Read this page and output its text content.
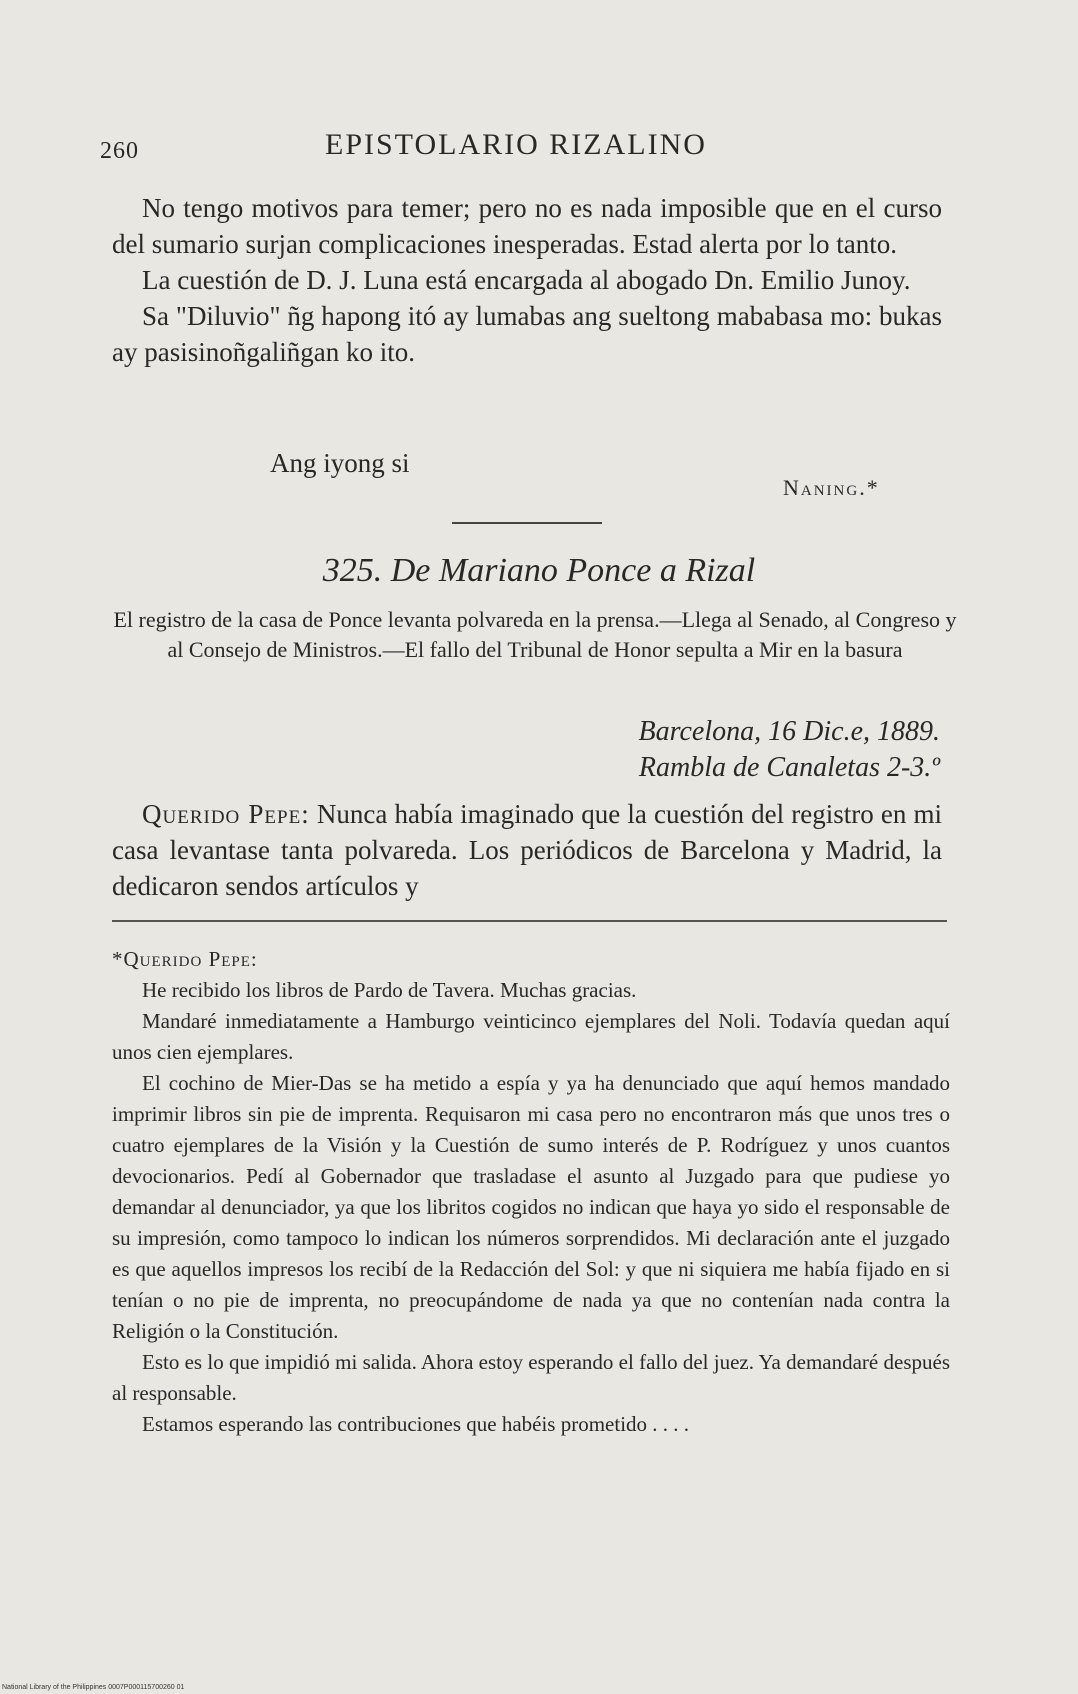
260	EPISTOLARIO RIZALINO

No tengo motivos para temer; pero no es nada imposible que en el curso del sumario surjan complicaciones inesperadas. Estad alerta por lo tanto.

La cuestión de D. J. Luna está encargada al abogado Dn. Emilio Junoy.

Sa "Diluvio" ñg hapong itó ay lumabas ang sueltong mababasa mo: bukas ay pasisinoñgaliñgan ko ito.

Ang iyong si
Naning.*
325. De Mariano Ponce a Rizal
El registro de la casa de Ponce levanta polvareda en la prensa.—Llega al Senado, al Congreso y al Consejo de Ministros.—El fallo del Tribunal de Honor sepulta a Mir en la basura
Barcelona, 16 Dic.e, 1889.
Rambla de Canaletas 2-3.º

Querido Pepe: Nunca había imaginado que la cuestión del registro en mi casa levantase tanta polvareda. Los periódicos de Barcelona y Madrid, la dedicaron sendos artículos y

*Querido Pepe:

He recibido los libros de Pardo de Tavera. Muchas gracias.

Mandaré inmediatamente a Hamburgo veinticinco ejemplares del Noli. Todavía quedan aquí unos cien ejemplares.

El cochino de Mier-Das se ha metido a espía y ya ha denunciado que aquí hemos mandado imprimir libros sin pie de imprenta. Requisaron mi casa pero no encontraron más que unos tres o cuatro ejemplares de la Visión y la Cuestión de sumo interés de P. Rodríguez y unos cuantos devocionarios. Pedí al Gobernador que trasladase el asunto al Juzgado para que pudiese yo demandar al denunciador, ya que los libritos cogidos no indican que haya yo sido el responsable de su impresión, como tampoco lo indican los números sorprendidos. Mi declaración ante el juzgado es que aquellos impresos los recibí de la Redacción del Sol: y que ni siquiera me había fijado en si tenían o no pie de imprenta, no preocupándome de nada ya que no contenían nada contra la Religión o la Constitución.

Esto es lo que impidió mi salida. Ahora estoy esperando el fallo del juez. Ya demandaré después al responsable.

Estamos esperando las contribuciones que habéis prometido . . . .

National Library of the Philippines 0007P000115700260 01
